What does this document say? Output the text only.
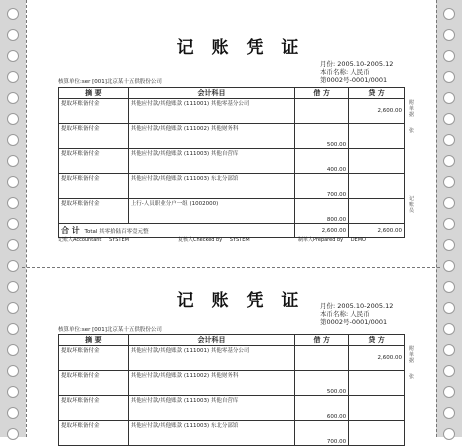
记 账 凭 证
月份: 2005.10-2005.12
本币名称: 人民币
第0002号-0001/0001
核算单位:ser [001]北京某十五供股份公司
摘 要	会计科目	借 方	贷 方
提取坏账备付金	其他应付款/其他账款 (111001) 其他零基分公司		2,600.00
提取坏账备付金	其他应付款/其他账款 (111002) 其他财务科	500.00	
提取坏账备付金	其他应付款/其他账款 (111003) 其他自营库	400.00	
提取坏账备付金	其他应付款/其他账款 (111003) 东北分部馆	700.00	
提取坏账备付金	上行-人员职业分户一组 (1002000)	800.00	
合 计 Total 其零拾陆百零壹元整		2,600.00	2,600.00
附单据
张
记账员
记账人Accountant SYSTEM	复核人Checked by SYSTEM	制单人Prepared by DEMO
记 账 凭 证	月份: 2005.10-2005.12
本币名称: 人民币
第0002号-0001/0001
核算单位:ser [001]北京某十五供股份公司
摘 要	会计科目	借 方	贷 方
提取坏账备付金	其他应付款/其他账款 (111001) 其他零基分公司		2,600.00
提取坏账备付金	其他应付款/其他账款 (111002) 其他财务科	500.00	
提取坏账备付金	其他应付款/其他账款 (111003) 其他自营库	600.00	
提取坏账备付金	其他应付款/其他账款 (111003) 东北分部馆	700.00	
附单据
张
